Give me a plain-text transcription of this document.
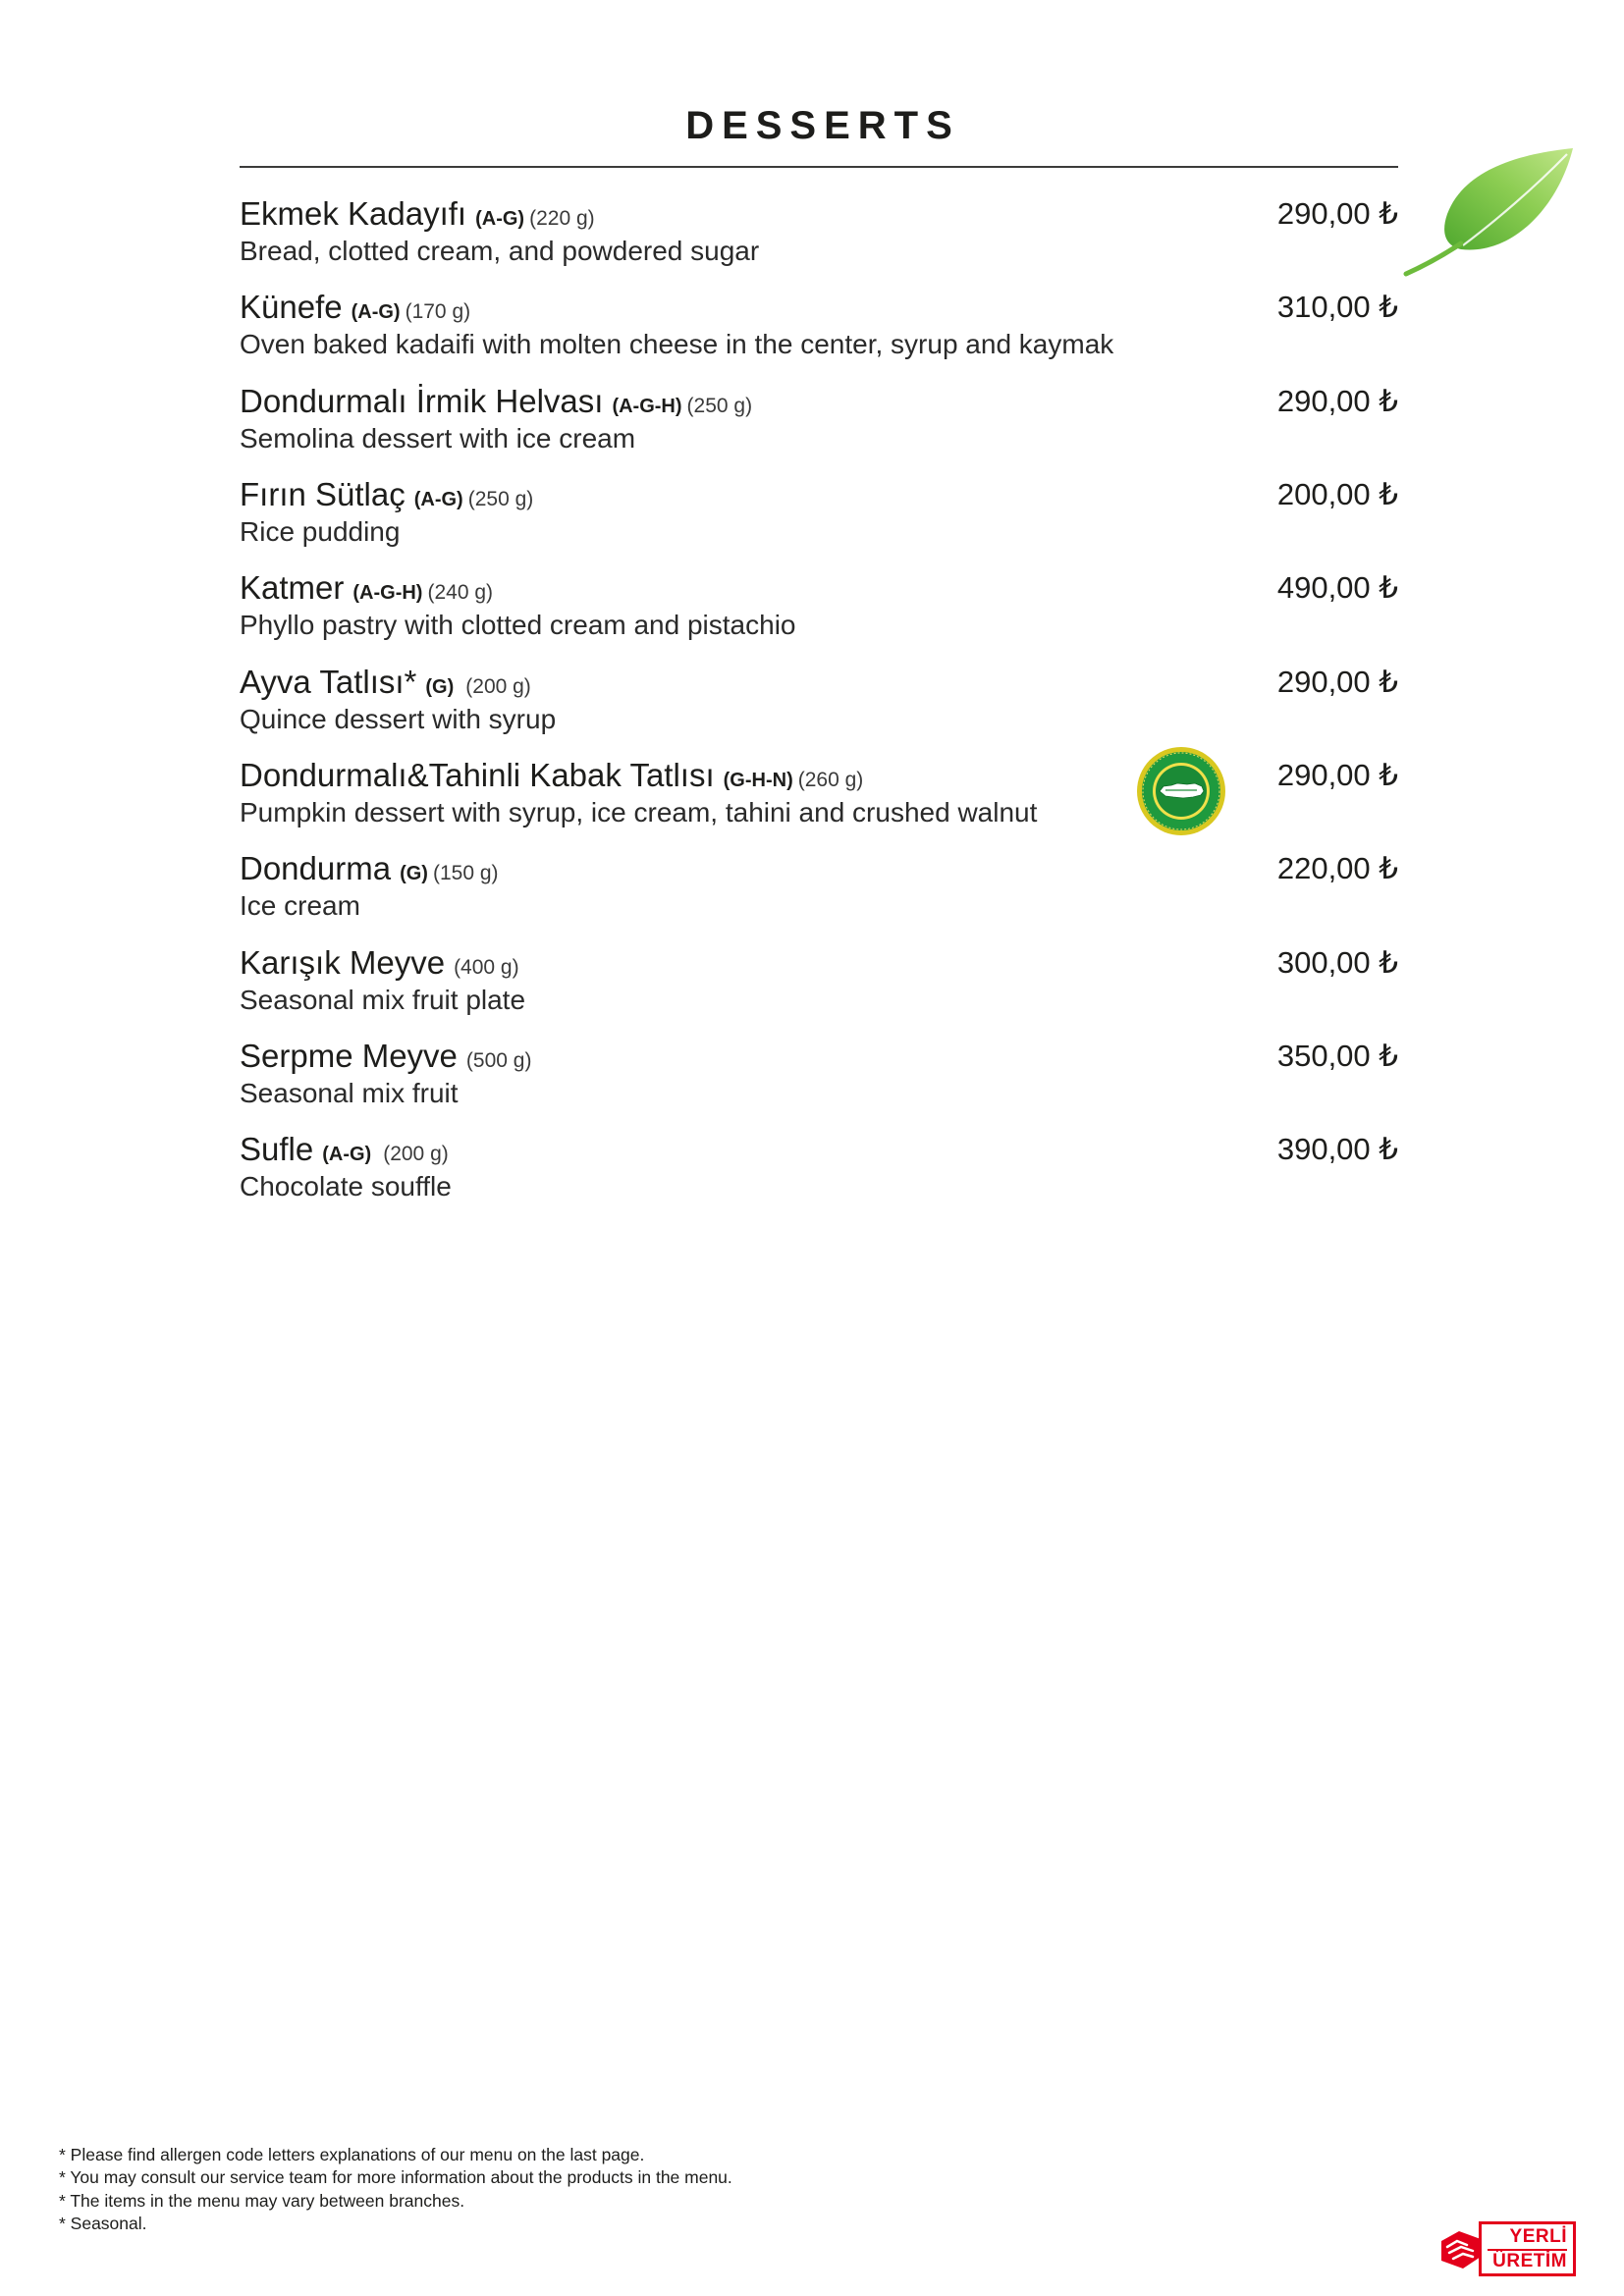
DESSERTS
Ekmek Kadayıfı (A-G) (220 g)
Bread, clotted cream, and powdered sugar
290,00 ₺
Künefe (A-G) (170 g)
Oven baked kadaifi with molten cheese in the center, syrup and kaymak
310,00 ₺
Dondurmalı İrmik Helvası (A-G-H) (250 g)
Semolina dessert with ice cream
290,00 ₺
Fırın Sütlaç (A-G) (250 g)
Rice pudding
200,00 ₺
Katmer (A-G-H) (240 g)
Phyllo pastry with clotted cream and pistachio
490,00 ₺
Ayva Tatlısı* (G) (200 g)
Quince dessert with syrup
290,00 ₺
Dondurmalı&Tahinli Kabak Tatlısı (G-H-N) (260 g)
Pumpkin dessert with syrup, ice cream, tahini and crushed walnut
290,00 ₺
Dondurma (G) (150 g)
Ice cream
220,00 ₺
Karışık Meyve (400 g)
Seasonal mix fruit plate
300,00 ₺
Serpme Meyve (500 g)
Seasonal mix fruit
350,00 ₺
Sufle (A-G) (200 g)
Chocolate souffle
390,00 ₺
* Please find allergen code letters explanations of our menu on the last page.
* You may consult our service team for more information about the products in the menu.
* The items in the menu may vary between branches.
* Seasonal.
YERLİ
ÜRETİM
